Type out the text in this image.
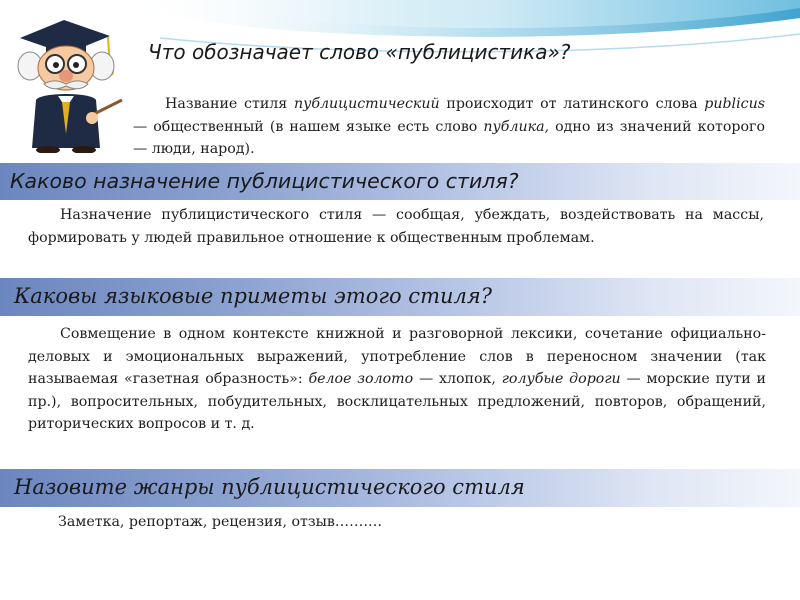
Что обозначает слово «публицистика»?

Название стиля публицистический происходит от латинского слова publicus — общественный (в нашем языке есть слово публика, одно из значений которого — люди, народ).

Каково назначение публицистического стиля?

Назначение публицистического стиля — сообщая, убеждать, воздействовать на массы, формировать у людей правильное отношение к общественным проблемам.

Каковы языковые приметы этого стиля?

Совмещение в одном контексте книжной и разговорной лексики, сочетание официально-деловых и эмоциональных выражений, употребление слов в переносном значении (так называемая «газетная образность»: белое золото — хлопок, голубые дороги — морские пути и пр.), вопросительных, побудительных, восклицательных предложений, повторов, обращений, риторических вопросов и т. д.

Назовите жанры публицистического стиля

Заметка, репортаж, рецензия, отзыв……….
